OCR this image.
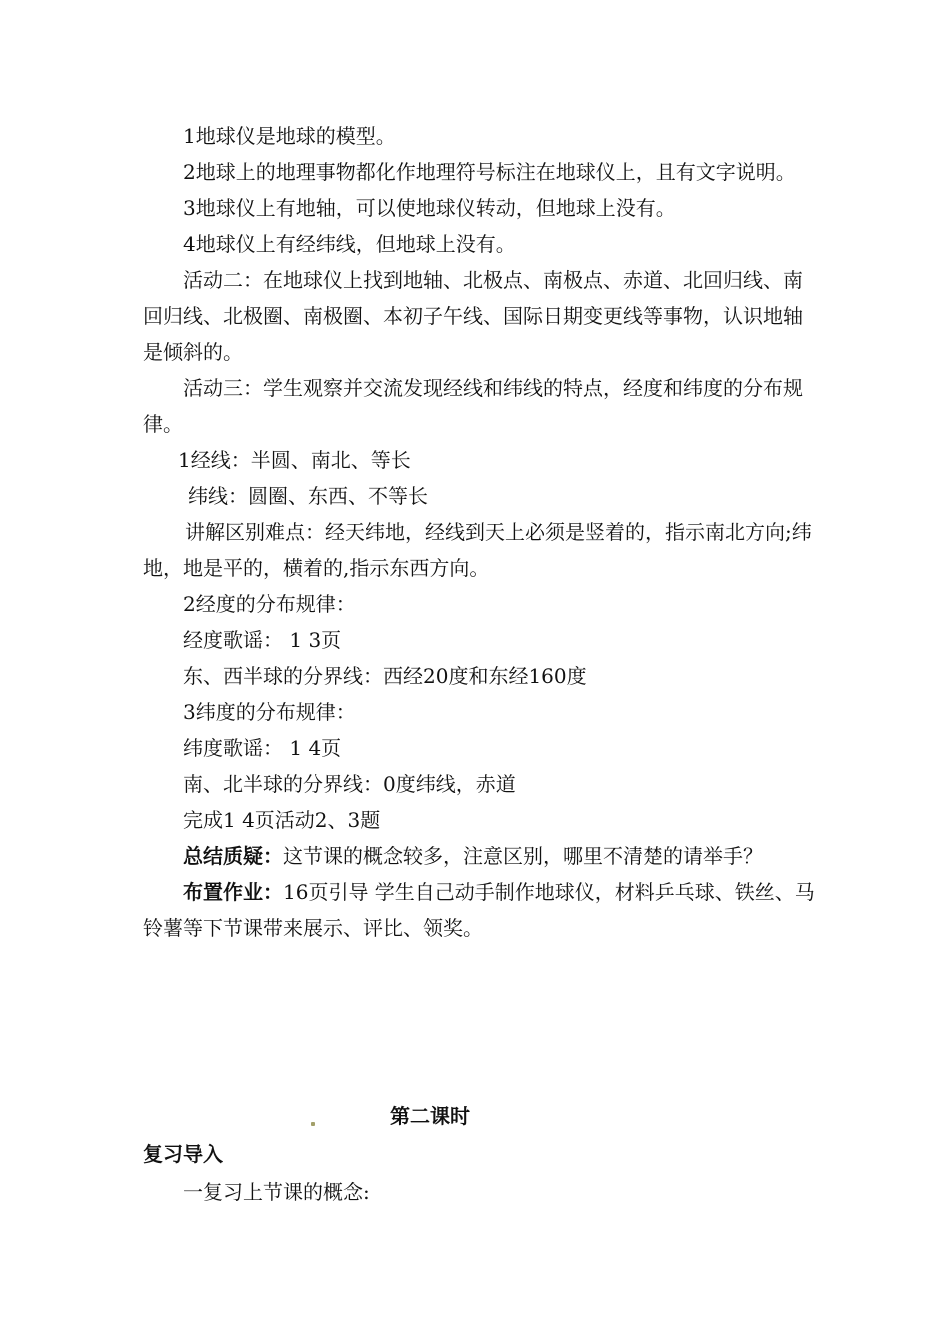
1地球仪是地球的模型。

2地球上的地理事物都化作地理符号标注在地球仪上，且有文字说明。

3地球仪上有地轴，可以使地球仪转动，但地球上没有。

4地球仪上有经纬线，但地球上没有。

活动二：在地球仪上找到地轴、北极点、南极点、赤道、北回归线、南回归线、北极圈、南极圈、本初子午线、国际日期变更线等事物，认识地轴是倾斜的。

活动三：学生观察并交流发现经线和纬线的特点，经度和纬度的分布规律。

1经线：半圆、南北、等长

纬线：圆圈、东西、不等长

讲解区别难点：经天纬地，经线到天上必须是竖着的，指示南北方向;纬地，地是平的，横着的,指示东西方向。

2经度的分布规律：

经度歌谣： 1 3页

东、西半球的分界线：西经20度和东经160度

3纬度的分布规律：

纬度歌谣： 1 4页

南、北半球的分界线：0度纬线，赤道

完成1 4页活动2、3题

总结质疑：这节课的概念较多，注意区别，哪里不清楚的请举手？

布置作业：16页引导 学生自己动手制作地球仪，材料乒乓球、铁丝、马铃薯等下节课带来展示、评比、领奖。

第二课时
复习导入
一复习上节课的概念:
